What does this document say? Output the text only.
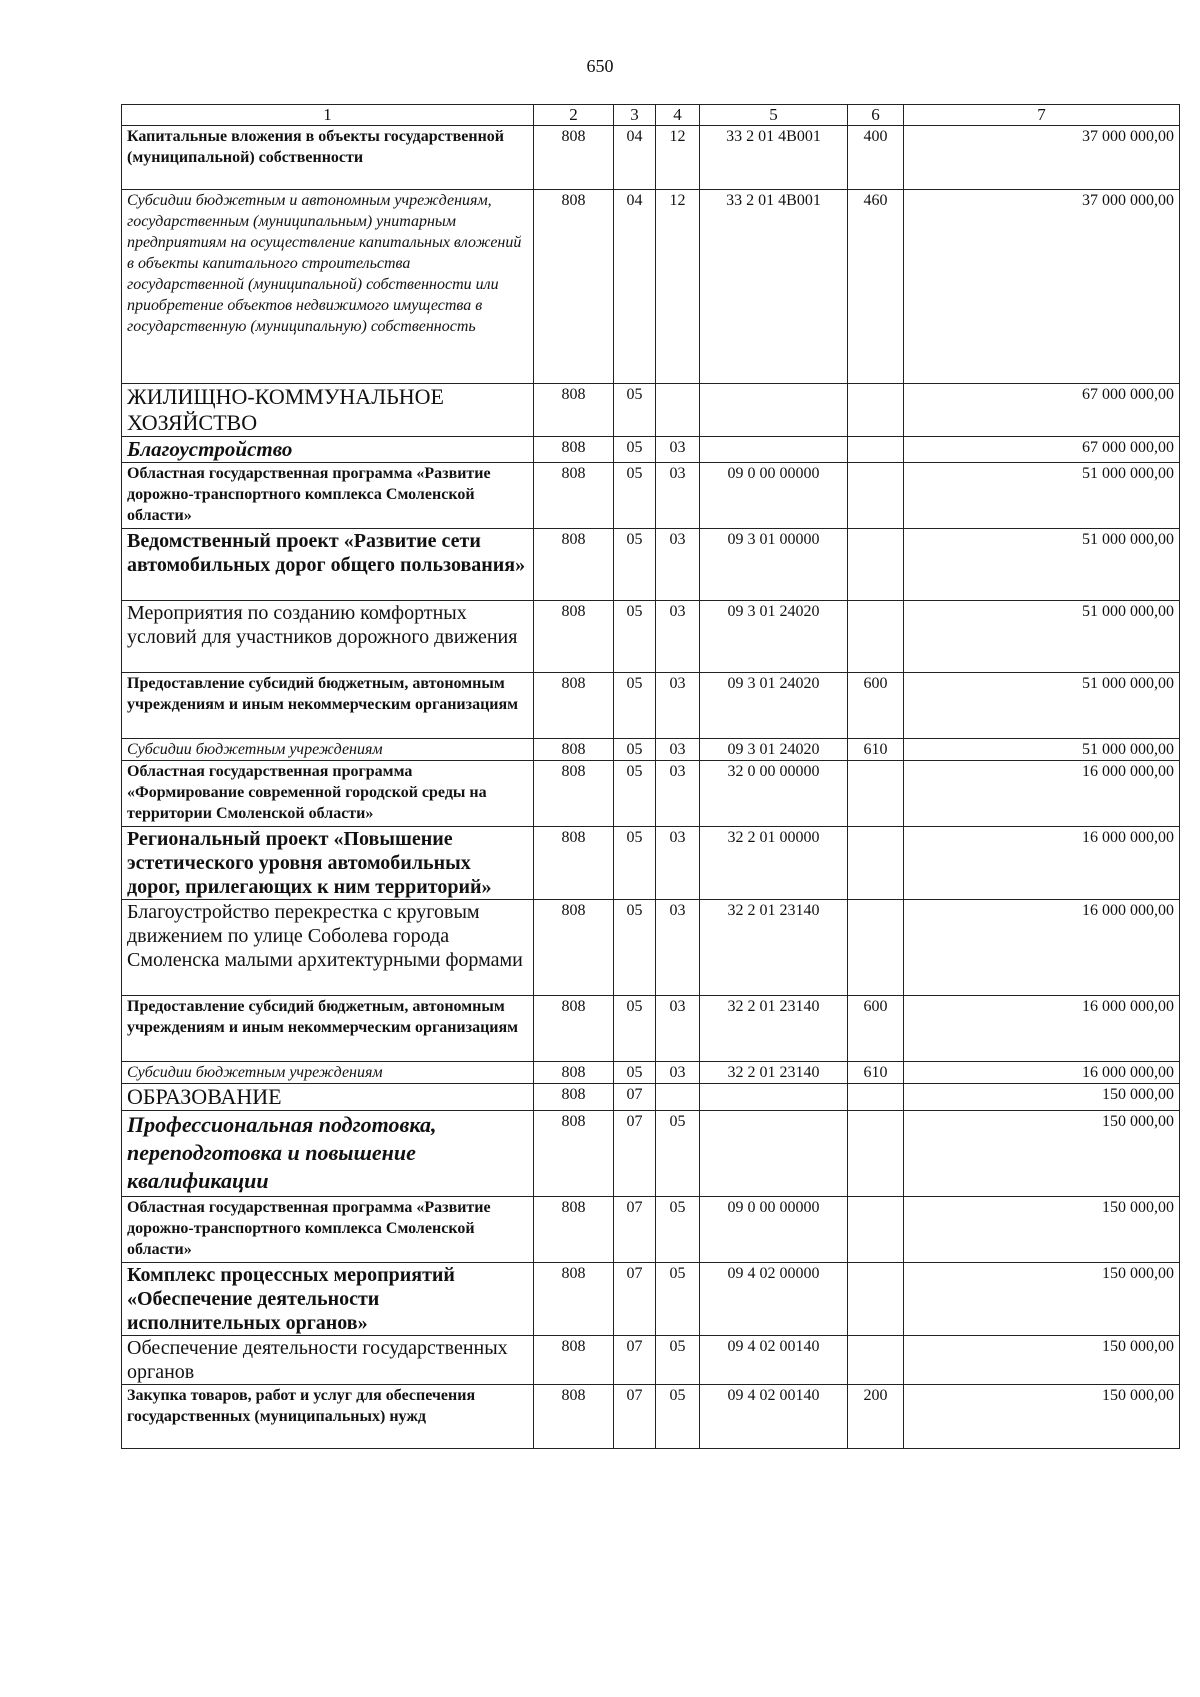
650
1	2	3	4	5	6	7
Капитальные вложения в объекты государственной (муниципальной) собственности	808	04	12	33 2 01 4В001	400	37 000 000,00
Субсидии бюджетным и автономным учреждениям, государственным (муниципальным) унитарным предприятиям на осуществление капитальных вложений в объекты капитального строительства государственной (муниципальной) собственности или приобретение объектов недвижимого имущества в государственную (муниципальную) собственность	808	04	12	33 2 01 4В001	460	37 000 000,00
ЖИЛИЩНО-КОММУНАЛЬНОЕ ХОЗЯЙСТВО	808	05				67 000 000,00
Благоустройство	808	05	03			67 000 000,00
Областная государственная программа «Развитие дорожно-транспортного комплекса Смоленской области»	808	05	03	09 0 00 00000		51 000 000,00
Ведомственный проект «Развитие сети автомобильных дорог общего пользования»	808	05	03	09 3 01 00000		51 000 000,00
Мероприятия по созданию комфортных условий для участников дорожного движения	808	05	03	09 3 01 24020		51 000 000,00
Предоставление субсидий бюджетным, автономным учреждениям и иным некоммерческим организациям	808	05	03	09 3 01 24020	600	51 000 000,00
Субсидии бюджетным учреждениям	808	05	03	09 3 01 24020	610	51 000 000,00
Областная государственная программа «Формирование современной городской среды на территории Смоленской области»	808	05	03	32 0 00 00000		16 000 000,00
Региональный проект «Повышение эстетического уровня автомобильных дорог, прилегающих к ним территорий»	808	05	03	32 2 01 00000		16 000 000,00
Благоустройство перекрестка с круговым движением по улице Соболева города Смоленска малыми архитектурными формами	808	05	03	32 2 01 23140		16 000 000,00
Предоставление субсидий бюджетным, автономным учреждениям и иным некоммерческим организациям	808	05	03	32 2 01 23140	600	16 000 000,00
Субсидии бюджетным учреждениям	808	05	03	32 2 01 23140	610	16 000 000,00
ОБРАЗОВАНИЕ	808	07				150 000,00
Профессиональная подготовка, переподготовка и повышение квалификации	808	07	05			150 000,00
Областная государственная программа «Развитие дорожно-транспортного комплекса Смоленской области»	808	07	05	09 0 00 00000		150 000,00
Комплекс процессных мероприятий «Обеспечение деятельности исполнительных органов»	808	07	05	09 4 02 00000		150 000,00
Обеспечение деятельности государственных органов	808	07	05	09 4 02 00140		150 000,00
Закупка товаров, работ и услуг для обеспечения государственных (муниципальных) нужд	808	07	05	09 4 02 00140	200	150 000,00
